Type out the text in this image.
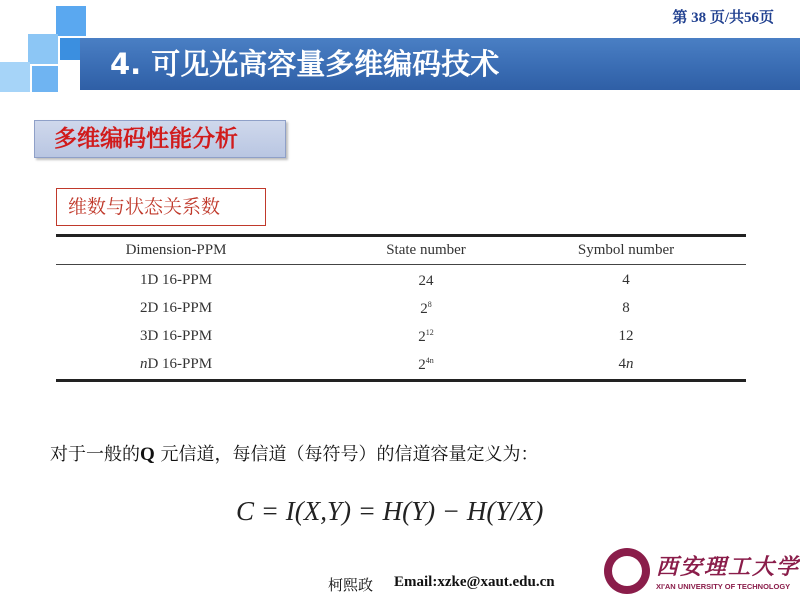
第 38 页/共56页
4. 可见光高容量多维编码技术
多维编码性能分析
维数与状态关系数
Dimension-PPM	State number	Symbol number
1D 16-PPM	24	4
2D 16-PPM	$2^8$	8
3D 16-PPM	$2^{12}$	12
nD 16-PPM	$2^{4n}$	4n
对于一般的Q 元信道，每信道（每符号）的信道容量定义为：
C = I(X,Y) = H(Y) − H(Y/X)
柯熙政 Email:xzke@xaut.edu.cn
西安理工大学
XI'AN UNIVERSITY OF TECHNOLOGY
